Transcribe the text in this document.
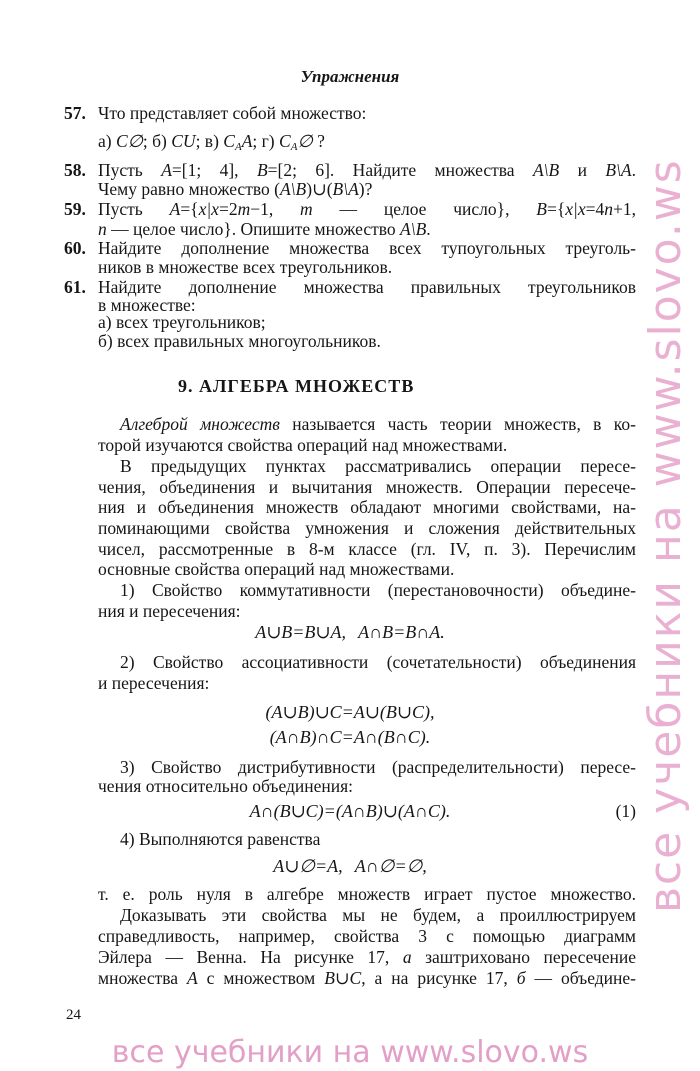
Упражнения
57. Что представляет собой множество:
а) C∅; б) CU; в) $C_AA$; г) $C_A\emptyset$ ?
58. Пусть A=[1; 4], B=[2; 6]. Найдите множества A\B и B\A.
Чему равно множество (A\B)∪(B\A)?
59. Пусть A={x|x=2m−1, m — целое число}, B={x|x=4n+1,
n — целое число}. Опишите множество A\B.
60. Найдите дополнение множества всех тупоугольных треуголь-
ников в множестве всех треугольников.
61. Найдите дополнение множества правильных треугольников
в множестве:
а) всех треугольников;
б) всех правильных многоугольников.
9. АЛГЕБРА МНОЖЕСТВ
Алгеброй множеств называется часть теории множеств, в ко-
торой изучаются свойства операций над множествами.
В предыдущих пунктах рассматривались операции пересе-
чения, объединения и вычитания множеств. Операции пересече-
ния и объединения множеств обладают многими свойствами, на-
поминающими свойства умножения и сложения действительных
чисел, рассмотренные в 8-м классе (гл. IV, п. 3). Перечислим
основные свойства операций над множествами.
1) Свойство коммутативности (перестановочности) объедине-
ния и пересечения:
A∪B=B∪A, A∩B=B∩A.
2) Свойство ассоциативности (сочетательности) объединения
и пересечения:
(A∪B)∪C=A∪(B∪C),
(A∩B)∩C=A∩(B∩C).
3) Свойство дистрибутивности (распределительности) пересе-
чения относительно объединения:
A∩(B∪C)=(A∩B)∪(A∩C).	(1)
4) Выполняются равенства
A∪∅=A, A∩∅=∅,
т. е. роль нуля в алгебре множеств играет пустое множество.
Доказывать эти свойства мы не будем, а проиллюстрируем
справедливость, например, свойства 3 с помощью диаграмм
Эйлера — Венна. На рисунке 17, а заштриховано пересечение
множества A с множеством B∪C, а на рисунке 17, б — объедине-
24
все учебники на www.slovo.ws
все учебники на www.slovo.ws
